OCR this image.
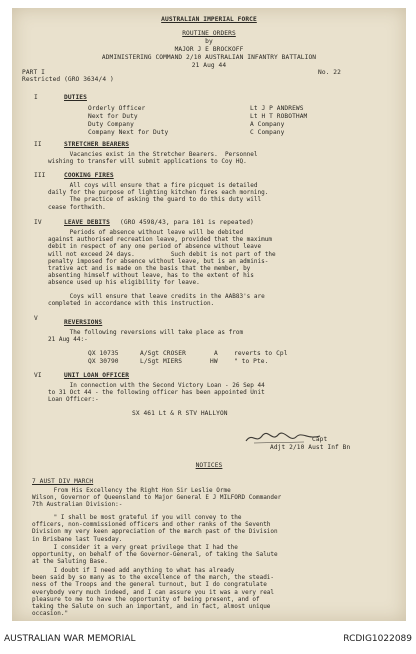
AUSTRALIAN IMPERIAL FORCE
ROUTINE ORDERS
by
MAJOR J E BROCKOFF
ADMINISTERING COMMAND 2/10 AUSTRALIAN INFANTRY BATTALION
21 Aug 44
PART I	No. 22
Restricted (GRO 3634/4 )
I	DUTIES
Orderly Officer	Lt J P ANDREWS
Next for Duty	Lt H T ROBOTHAM
Duty Company	A Company
Company Next for Duty	C Company
II	STRETCHER BEARERS
Vacancies exist in the Stretcher Bearers.  Personnel
wishing to transfer will submit applications to Coy HQ.
III	COOKING FIRES
All coys will ensure that a fire picquet is detailed
daily for the purpose of lighting kitchen fires each morning.
The practice of asking the guard to do this duty will
cease forthwith.
IV	LEAVE DEBITS (GRO 4598/43, para 101 is repeated)
Periods of absence without leave will be debited
against authorised recreation leave, provided that the maximum
debit in respect of any one period of absence without leave
will not exceed 24 days.          Such debit is not part of the
penalty imposed for absence without leave, but is an adminis-
trative act and is made on the basis that the member, by
absenting himself without leave, has to the extent of his
absence used up his eligibility for leave.
Coys will ensure that leave credits in the AAB83's are
completed in accordance with this instruction.
V
REVERSIONS
The following reversions will take place as from
21 Aug 44:-
QX 10735	A/Sgt CROSER	A	reverts to Cpl
QX 30790	L/Sgt MIERS	HW	" to Pte.
VI	UNIT LOAN OFFICER
In connection with the Second Victory Loan - 26 Sep 44
to 31 Oct 44 - the following officer has been appointed Unit
Loan Officer:-
SX 461 Lt & R STV HALLYON
Capt
Adjt 2/10 Aust Inf Bn
NOTICES
7 AUST DIV MARCH
From His Excellency the Right Hon Sir Leslie Orme
Wilson, Governor of Queensland to Major General E J MILFORD Commander
7th Australian Division:-
" I shall be most grateful if you will convey to the
officers, non-commissioned officers and other ranks of the Seventh
Division my very keen appreciation of the march past of the Division
in Brisbane last Tuesday.
I consider it a very great privilege that I had the
opportunity, on behalf of the Governor-General, of taking the Salute
at the Saluting Base.
I doubt if I need add anything to what has already
been said by so many as to the excellence of the march, the steadi-
ness of the Troops and the general turnout, but I do congratulate
everybody very much indeed, and I can assure you it was a very real
pleasure to me to have the opportunity of being present, and of
taking the Salute on such an important, and in fact, almost unique
occasion."
AUSTRALIAN WAR MEMORIAL	RCDIG1022089
